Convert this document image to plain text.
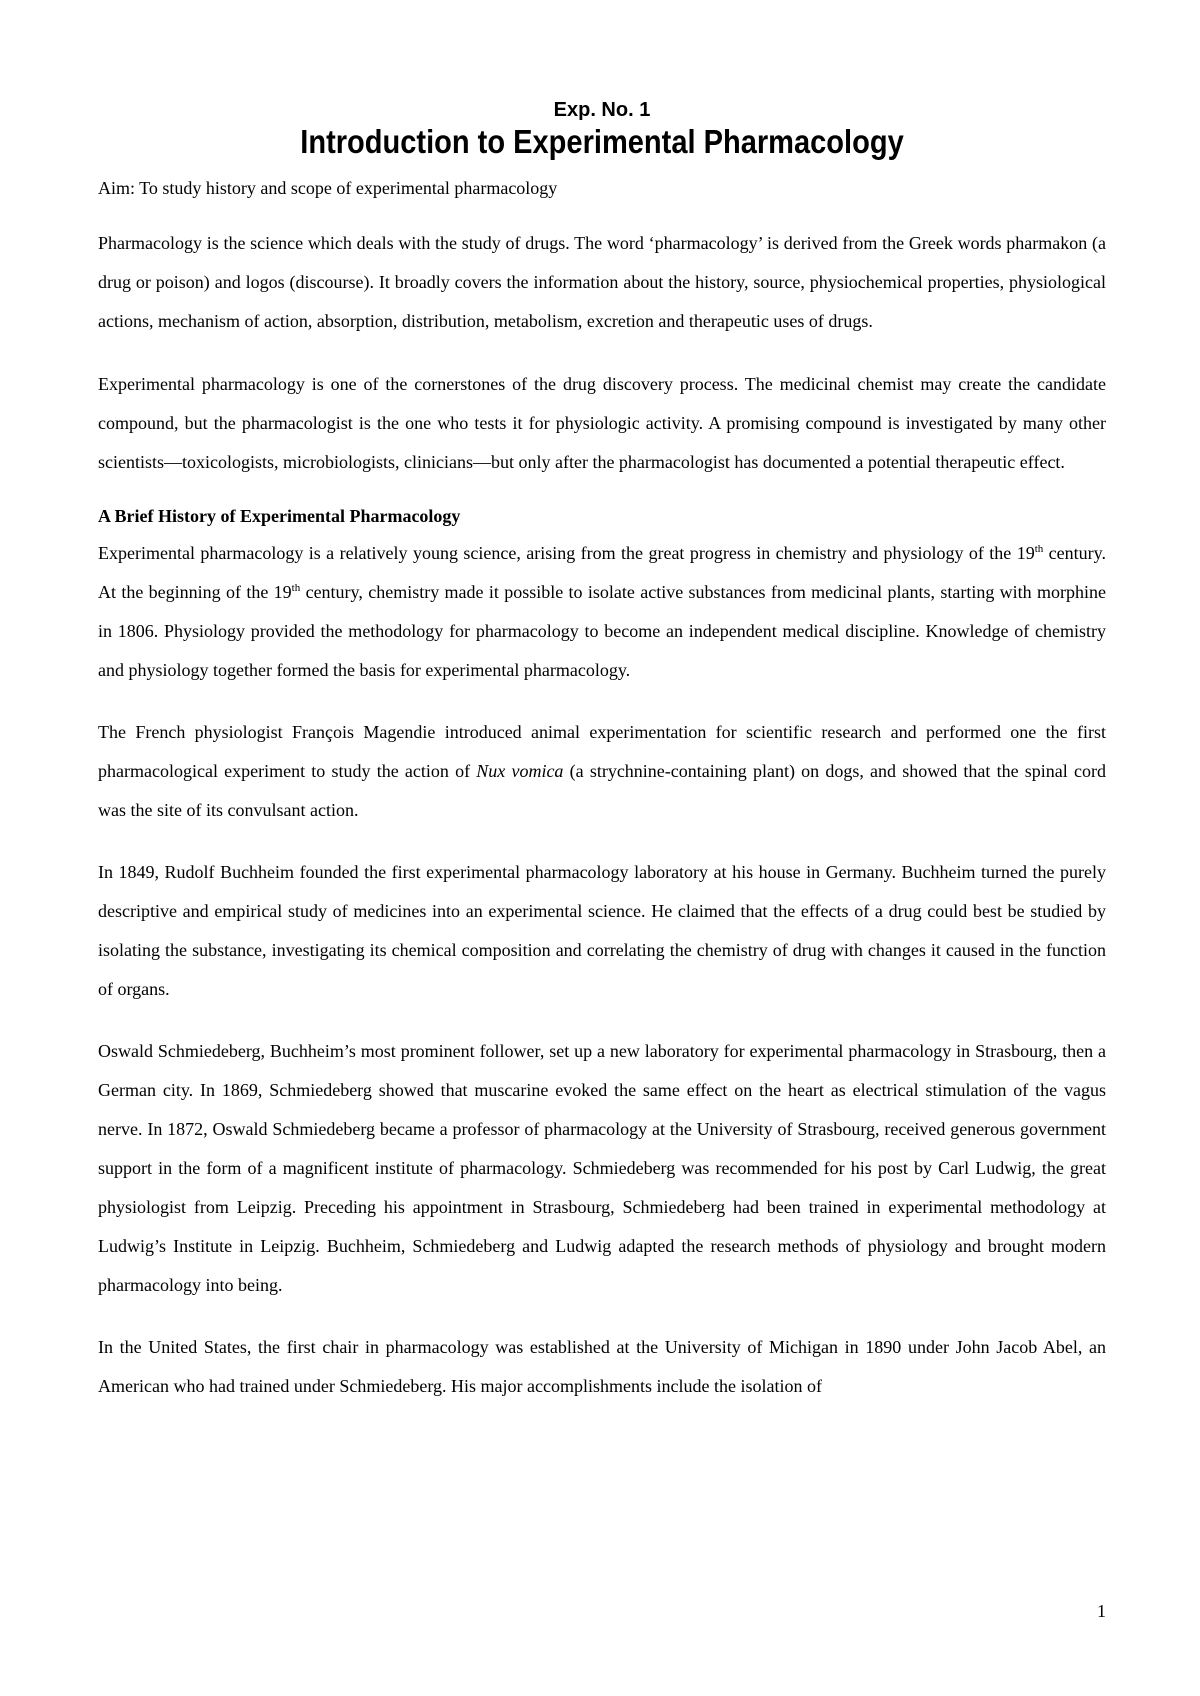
Exp. No. 1

Introduction to Experimental Pharmacology

Aim: To study history and scope of experimental pharmacology

Pharmacology is the science which deals with the study of drugs. The word ‘pharmacology’ is derived from the Greek words pharmakon (a drug or poison) and logos (discourse). It broadly covers the information about the history, source, physiochemical properties, physiological actions, mechanism of action, absorption, distribution, metabolism, excretion and therapeutic uses of drugs.

Experimental pharmacology is one of the cornerstones of the drug discovery process. The medicinal chemist may create the candidate compound, but the pharmacologist is the one who tests it for physiologic activity. A promising compound is investigated by many other scientists—toxicologists, microbiologists, clinicians—but only after the pharmacologist has documented a potential therapeutic effect.

A Brief History of Experimental Pharmacology

Experimental pharmacology is a relatively young science, arising from the great progress in chemistry and physiology of the 19th century. At the beginning of the 19th century, chemistry made it possible to isolate active substances from medicinal plants, starting with morphine in 1806. Physiology provided the methodology for pharmacology to become an independent medical discipline. Knowledge of chemistry and physiology together formed the basis for experimental pharmacology.

The French physiologist François Magendie introduced animal experimentation for scientific research and performed one the first pharmacological experiment to study the action of Nux vomica (a strychnine-containing plant) on dogs, and showed that the spinal cord was the site of its convulsant action.

In 1849, Rudolf Buchheim founded the first experimental pharmacology laboratory at his house in Germany. Buchheim turned the purely descriptive and empirical study of medicines into an experimental science. He claimed that the effects of a drug could best be studied by isolating the substance, investigating its chemical composition and correlating the chemistry of drug with changes it caused in the function of organs.

Oswald Schmiedeberg, Buchheim’s most prominent follower, set up a new laboratory for experimental pharmacology in Strasbourg, then a German city. In 1869, Schmiedeberg showed that muscarine evoked the same effect on the heart as electrical stimulation of the vagus nerve. In 1872, Oswald Schmiedeberg became a professor of pharmacology at the University of Strasbourg, received generous government support in the form of a magnificent institute of pharmacology. Schmiedeberg was recommended for his post by Carl Ludwig, the great physiologist from Leipzig. Preceding his appointment in Strasbourg, Schmiedeberg had been trained in experimental methodology at Ludwig’s Institute in Leipzig. Buchheim, Schmiedeberg and Ludwig adapted the research methods of physiology and brought modern pharmacology into being.

In the United States, the first chair in pharmacology was established at the University of Michigan in 1890 under John Jacob Abel, an American who had trained under Schmiedeberg. His major accomplishments include the isolation of

1
